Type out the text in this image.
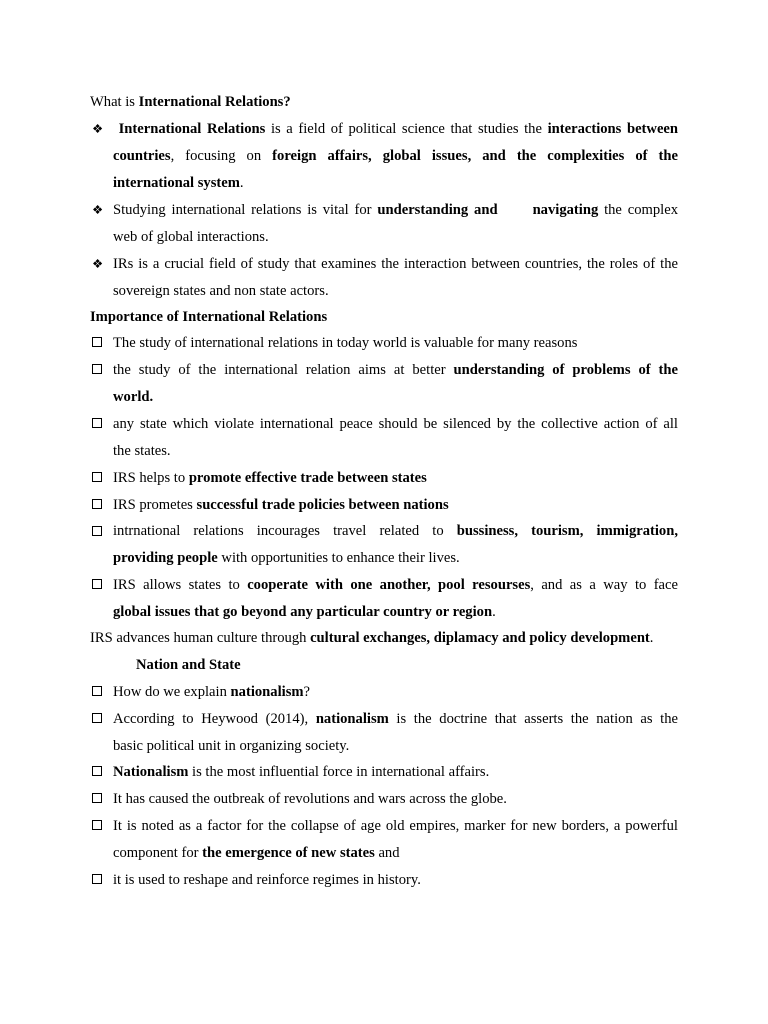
What is International Relations?
❖	International Relations is a field of political science that studies the interactions between
countries, focusing on foreign affairs, global issues, and the complexities of the
international system.
❖ Studying international relations is vital for understanding and navigating the complex
web of global interactions.
❖ IRs is a crucial field of study that examines the interaction between countries, the roles of the
sovereign states and non state actors.
Importance of International Relations
The study of international relations in today world is valuable for many reasons
the study of the international relation aims at better understanding of problems of the
world.
any state which violate international peace should be silenced by the collective action of all
the states.
IRS helps to promote effective trade between states
IRS prometes successful trade policies between nations
intrnational relations incourages travel related to bussiness, tourism, immigration,
providing people with opportunities to enhance their lives.
IRS allows states to cooperate with one another, pool resourses, and as a way to face
global issues that go beyond any particular country or region.
IRS advances human culture through cultural exchanges, diplamacy and policy development.
Nation and State
How do we explain nationalism?
According to Heywood (2014), nationalism is the doctrine that asserts the nation as the
basic political unit in organizing society.
Nationalism is the most influential force in international affairs.
It has caused the outbreak of revolutions and wars across the globe.
It is noted as a factor for the collapse of age old empires, marker for new borders, a powerful
component for the emergence of new states and
it is used to reshape and reinforce regimes in history.
